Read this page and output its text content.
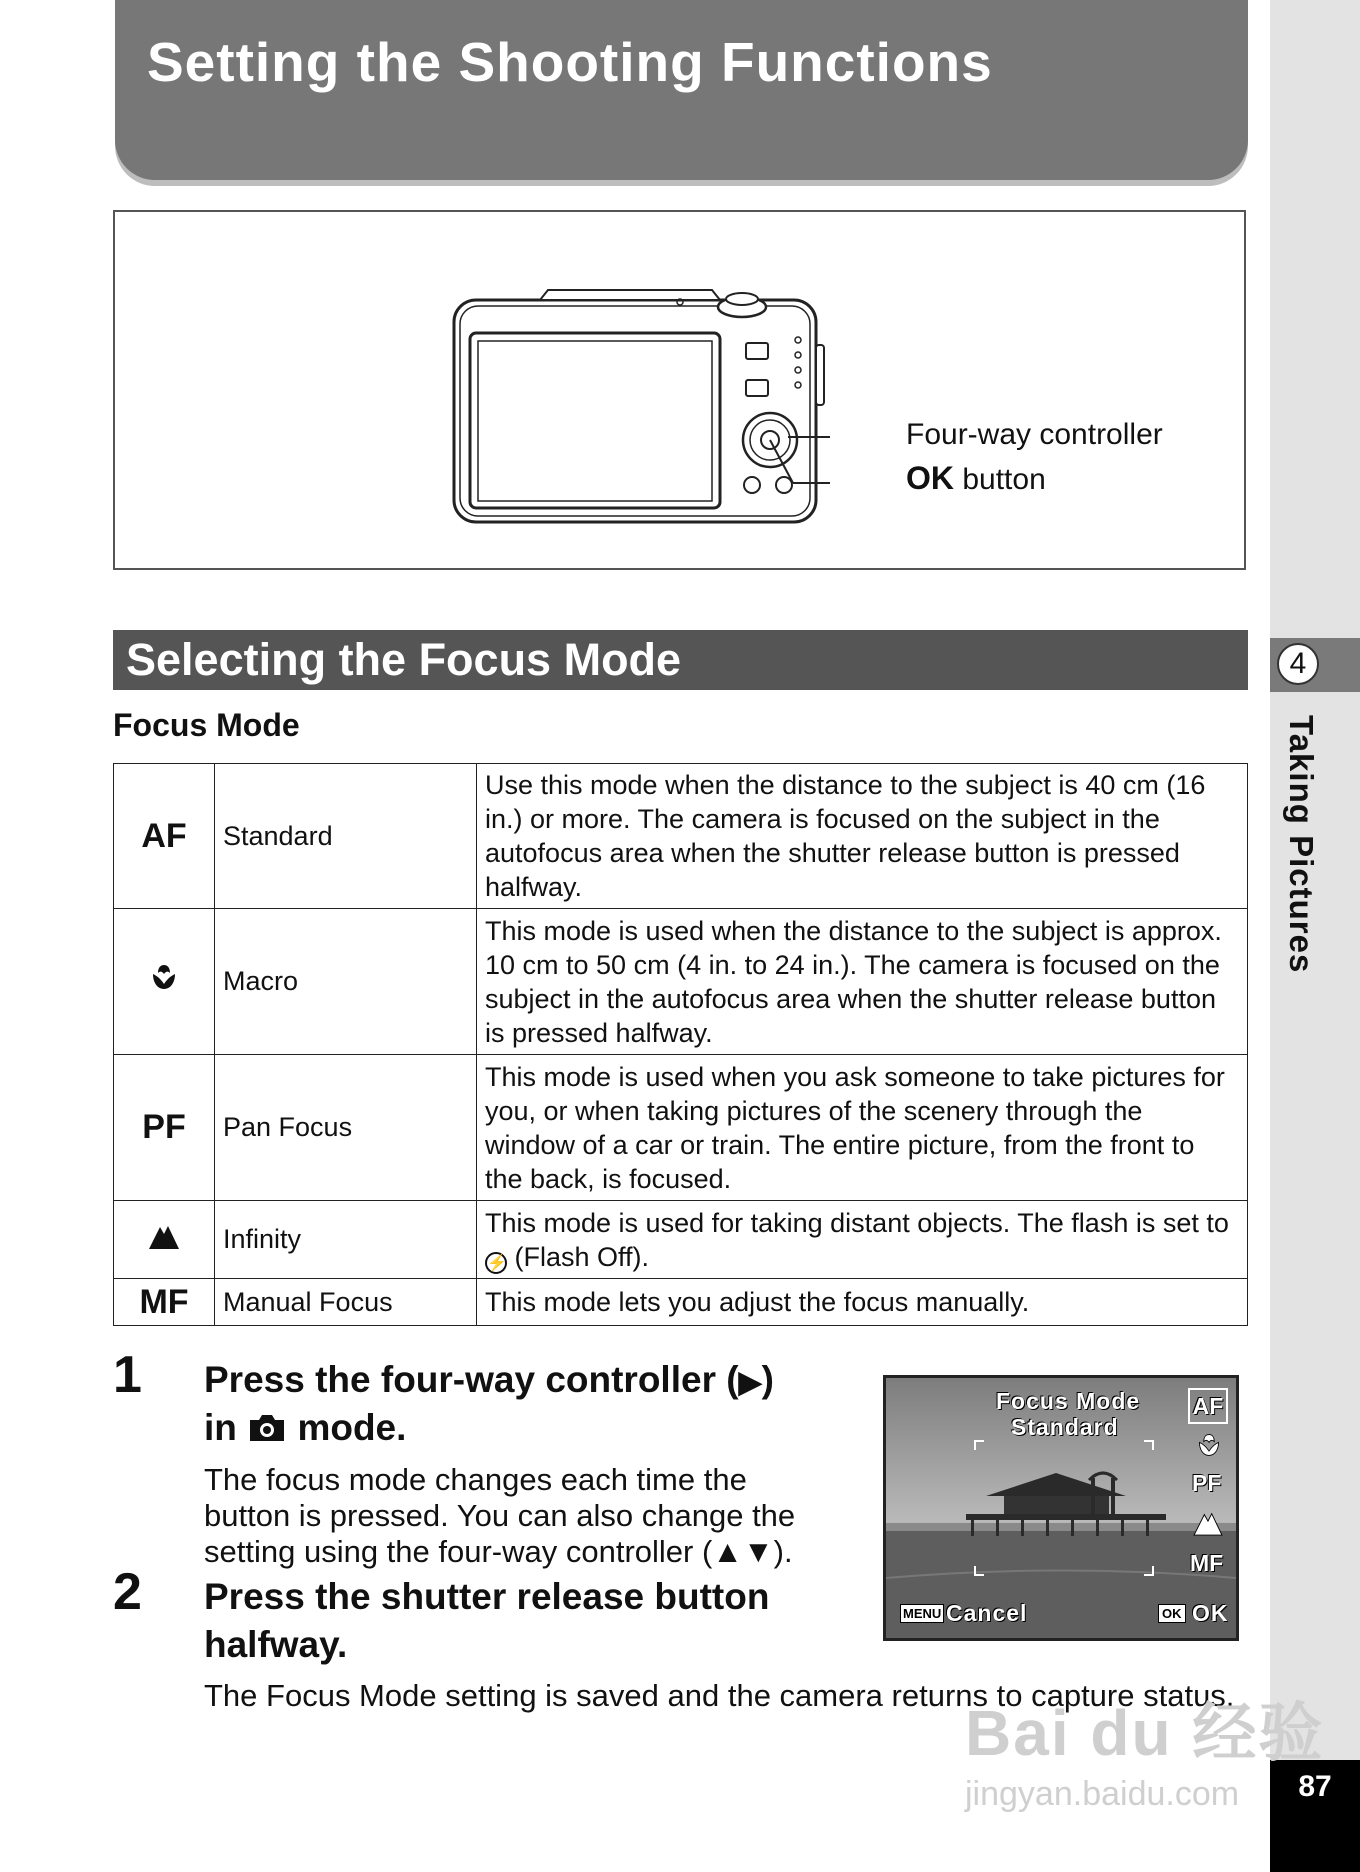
4
Taking Pictures
87
Setting the Shooting Functions
Four-way controller
OK button
Selecting the Focus Mode
Focus Mode
AF	Standard	Use this mode when the distance to the subject is 40 cm (16 in.) or more. The camera is focused on the subject in the autofocus area when the shutter release button is pressed halfway.
	Macro	This mode is used when the distance to the subject is approx. 10 cm to 50 cm (4 in. to 24 in.). The camera is focused on the subject in the autofocus area when the shutter release button is pressed halfway.
PF	Pan Focus	This mode is used when you ask someone to take pictures for you, or when taking pictures of the scenery through the window of a car or train. The entire picture, from the front to the back, is focused.
	Infinity	This mode is used for taking distant objects. The flash is set to ⚡ (Flash Off).
MF	Manual Focus	This mode lets you adjust the focus manually.
1 Press the four-way controller (▶)
in  mode.
The focus mode changes each time the
button is pressed. You can also change the
setting using the four-way controller (▲▼).
2 Press the shutter release button
halfway.
The Focus Mode setting is saved and the camera returns to capture status.
Focus Mode
Standard
AF
PF
MF
MENU Cancel	OK OK
Bai du 经验
jingyan.baidu.com
